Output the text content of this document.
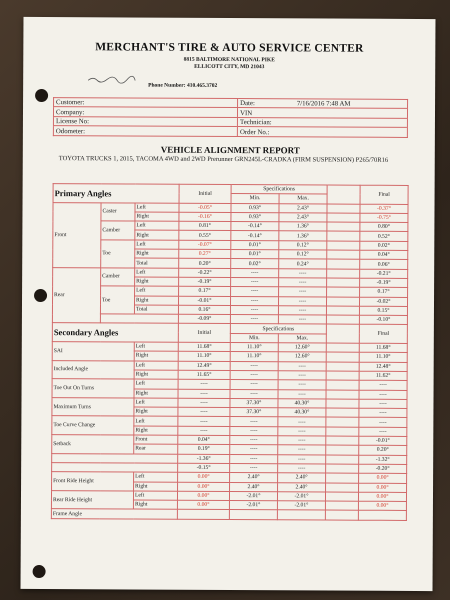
MERCHANT'S TIRE & AUTO SERVICE CENTER
8815 BALTIMORE NATIONAL PIKE
ELLICOTT CITY, MD 21043
Phone Number: 410.465.3702
Customer:	Date: 7/16/2016 7:48 AM
Company:	VIN
License No:	Technician:
Odometer:	Order No.:
VEHICLE ALIGNMENT REPORT
TOYOTA TRUCKS 1, 2015, TACOMA 4WD and 2WD Prerunner GRN245L-CRADKA (FIRM SUSPENSION) P265/70R16
Primary Angles			Initial	Specifications			Final
				Min.	Max.		
Front	Caster	Left	-0.05°	0.93°	2.43°		-0.37°
		Right	-0.16°	0.93°	2.43°		-0.75°
	Camber	Left	0.81°	-0.14°	1.36°		0.80°
		Right	0.55°	-0.14°	1.36°		0.52°
	Toe	Left	-0.07°	0.01°	0.12°		0.02°
		Right	0.27°	0.01°	0.12°		0.04°
		Total	0.20°	0.02°	0.24°		0.06°
Rear	Camber	Left	-0.22°	----	----		-0.21°
		Right	-0.19°	----	----		-0.19°
	Toe	Left	0.17°	----	----		0.17°
		Right	-0.01°	----	----		-0.02°
		Total	0.16°	----	----		0.15°
			-0.09°	----	----		-0.10°
Secondary Angles			Initial	Specifications			Final
				Min.	Max.		
SAI		Left	11.68°	11.10°	12.60°		11.68°
		Right	11.10°	11.10°	12.60°		11.10°
Included Angle		Left	12.49°	----	----		12.48°
		Right	11.65°	----	----		11.62°
Toe Out On Turns		Left	----	----	----		----
		Right	----	----	----		----
Maximum Turns		Left	----	37.30°	40.30°		----
		Right	----	37.30°	40.30°		----
Toe Curve Change		Left	----	----	----		----
		Right	----	----	----		----
Setback		Front	0.04°	----	----		-0.01°
		Rear	0.19°	----	----		0.20°
			-1.36°	----	----		-1.32°
			-0.15°	----	----		-0.20°
Front Ride Height		Left	0.00°	2.40°	2.40°		0.00°
		Right	0.00°	2.40°	2.40°		0.00°
Rear Ride Height		Left	0.00°	-2.01°	-2.01°		0.00°
		Right	0.00°	-2.01°	-2.01°		0.00°
Frame Angle							
